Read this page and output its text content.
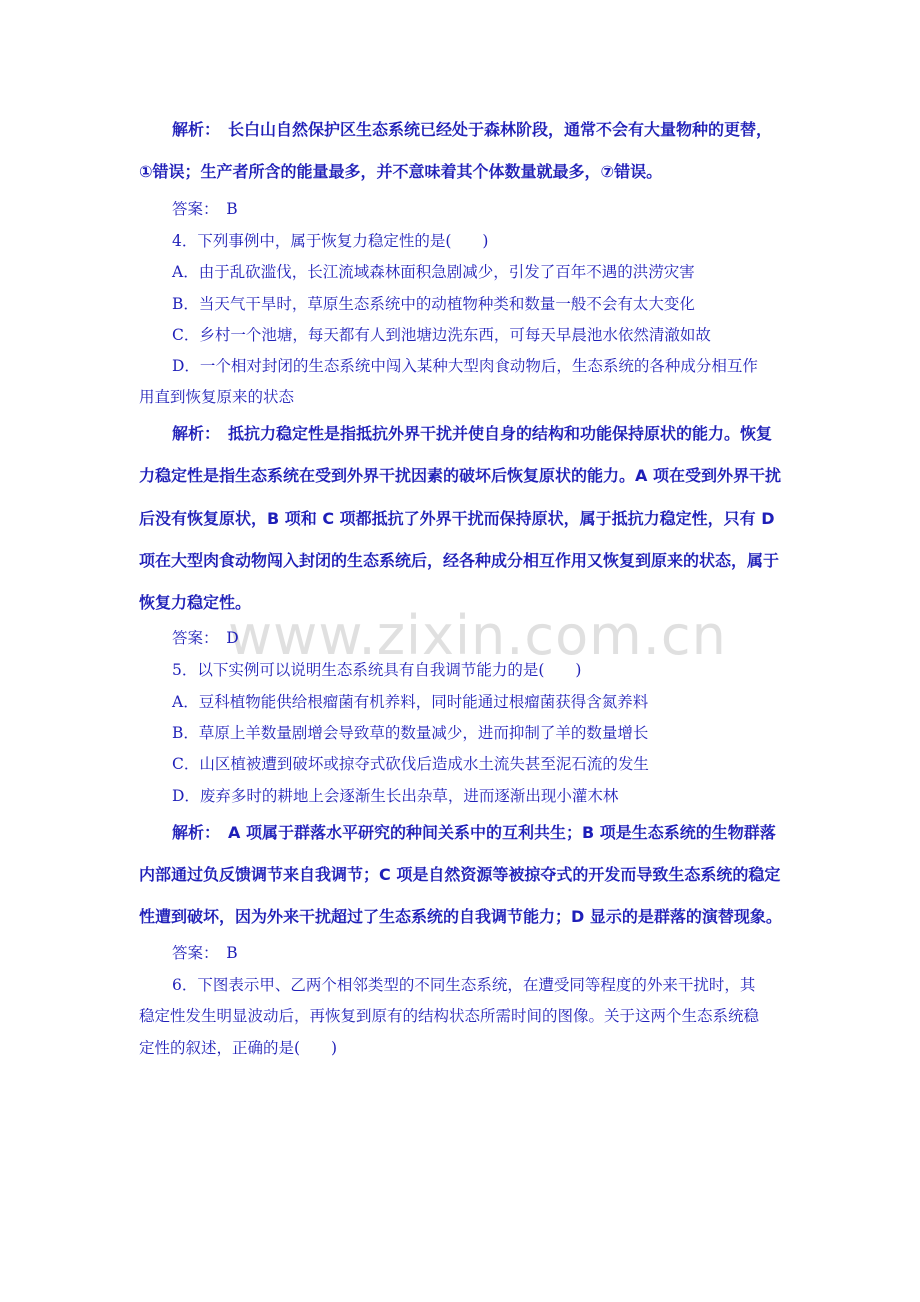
www.zixin.com.cn
解析：　长白山自然保护区生态系统已经处于森林阶段，通常不会有大量物种的更替，
①错误；生产者所含的能量最多，并不意味着其个体数量就最多，⑦错误。
答案：　B
4．下列事例中，属于恢复力稳定性的是(　　)
A．由于乱砍滥伐，长江流域森林面积急剧减少，引发了百年不遇的洪涝灾害
B．当天气干旱时，草原生态系统中的动植物种类和数量一般不会有太大变化
C．乡村一个池塘，每天都有人到池塘边洗东西，可每天早晨池水依然清澈如故
D．一个相对封闭的生态系统中闯入某种大型肉食动物后，生态系统的各种成分相互作
用直到恢复原来的状态
解析：　抵抗力稳定性是指抵抗外界干扰并使自身的结构和功能保持原状的能力。恢复
力稳定性是指生态系统在受到外界干扰因素的破坏后恢复原状的能力。A 项在受到外界干扰
后没有恢复原状，B 项和 C 项都抵抗了外界干扰而保持原状，属于抵抗力稳定性，只有 D
项在大型肉食动物闯入封闭的生态系统后，经各种成分相互作用又恢复到原来的状态，属于
恢复力稳定性。
答案：　D
5．以下实例可以说明生态系统具有自我调节能力的是(　　)
A．豆科植物能供给根瘤菌有机养料，同时能通过根瘤菌获得含氮养料
B．草原上羊数量剧增会导致草的数量减少，进而抑制了羊的数量增长
C．山区植被遭到破坏或掠夺式砍伐后造成水土流失甚至泥石流的发生
D．废弃多时的耕地上会逐渐生长出杂草，进而逐渐出现小灌木林
解析：　A 项属于群落水平研究的种间关系中的互利共生；B 项是生态系统的生物群落
内部通过负反馈调节来自我调节；C 项是自然资源等被掠夺式的开发而导致生态系统的稳定
性遭到破坏，因为外来干扰超过了生态系统的自我调节能力；D 显示的是群落的演替现象。
答案：　B
6．下图表示甲、乙两个相邻类型的不同生态系统，在遭受同等程度的外来干扰时，其
稳定性发生明显波动后，再恢复到原有的结构状态所需时间的图像。关于这两个生态系统稳
定性的叙述，正确的是(　　)
